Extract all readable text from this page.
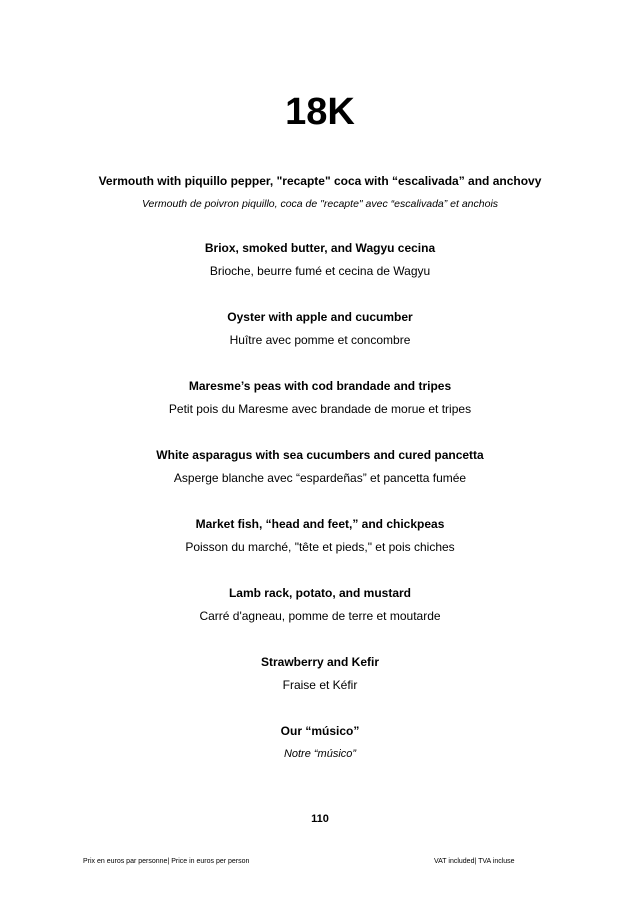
18K
Vermouth with piquillo pepper, "recapte" coca with “escalivada” and anchovy
Vermouth de poivron piquillo, coca de "recapte" avec “escalivada” et anchois
Briox, smoked butter, and Wagyu cecina
Brioche, beurre fumé et cecina de Wagyu
Oyster with apple and cucumber
Huître avec pomme et concombre
Maresme’s peas with cod brandade and tripes
Petit pois du Maresme avec brandade de morue et tripes
White asparagus with sea cucumbers and cured pancetta
Asperge blanche avec “espardeñas” et pancetta fumée
Market fish, “head and feet,” and chickpeas
Poisson du marché, "tête et pieds," et pois chiches
Lamb rack, potato, and mustard
Carré d'agneau, pomme de terre et moutarde
Strawberry and Kefir
Fraise et Kéfir
Our “músico”
Notre “músico”
110
Prix en euros par personne| Price in euros per person	VAT included| TVA incluse
